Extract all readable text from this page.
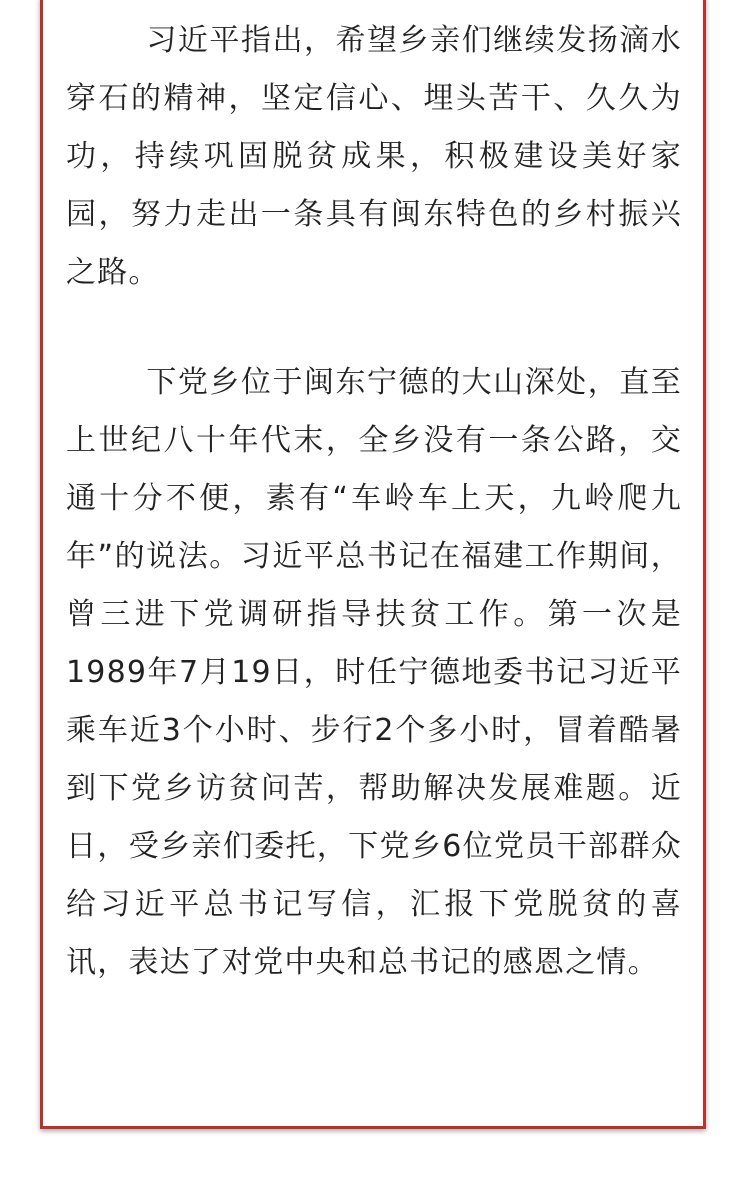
习近平指出，希望乡亲们继续发扬滴水穿石的精神，坚定信心、埋头苦干、久久为功，持续巩固脱贫成果，积极建设美好家园，努力走出一条具有闽东特色的乡村振兴之路。

下党乡位于闽东宁德的大山深处，直至上世纪八十年代末，全乡没有一条公路，交通十分不便，素有“车岭车上天，九岭爬九年”的说法。习近平总书记在福建工作期间，曾三进下党调研指导扶贫工作。第一次是1989年7月19日，时任宁德地委书记习近平乘车近3个小时、步行2个多小时，冒着酷暑到下党乡访贫问苦，帮助解决发展难题。近日，受乡亲们委托，下党乡6位党员干部群众给习近平总书记写信，汇报下党脱贫的喜讯，表达了对党中央和总书记的感恩之情。
